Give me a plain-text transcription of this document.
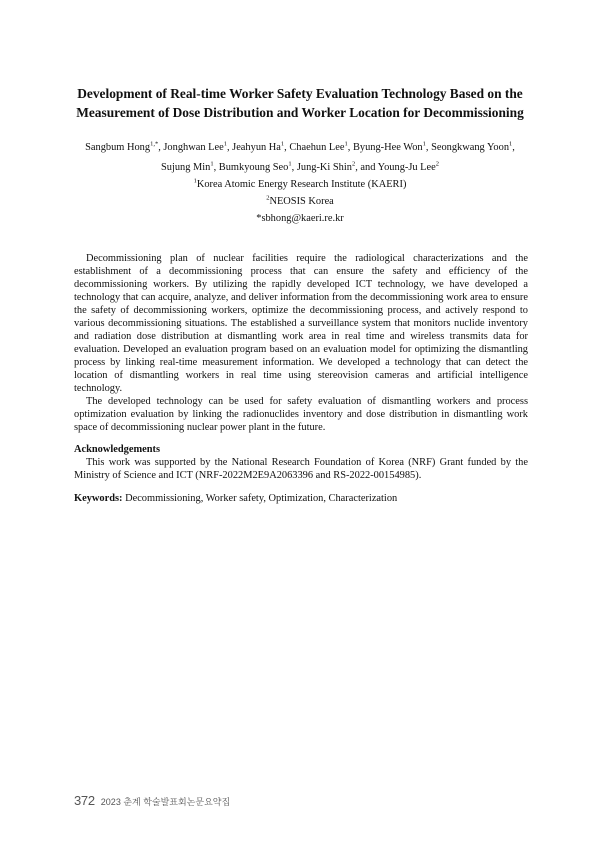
Development of Real-time Worker Safety Evaluation Technology Based on the
Measurement of Dose Distribution and Worker Location for Decommissioning
Sangbum Hong$^{1,*}$, Jonghwan Lee$^1$, Jeahyun Ha$^1$, Chaehun Lee$^1$, Byung-Hee Won$^1$, Seongkwang Yoon$^1$,
Sujung Min$^1$, Bumkyoung Seo$^1$, Jung-Ki Shin$^2$, and Young-Ju Lee$^2$
$^1$Korea Atomic Energy Research Institute (KAERI)
$^2$NEOSIS Korea
*sbhong@kaeri.re.kr

Decommissioning plan of nuclear facilities require the radiological characterizations and the establishment of a decommissioning process that can ensure the safety and efficiency of the decommissioning workers. By utilizing the rapidly developed ICT technology, we have developed a technology that can acquire, analyze, and deliver information from the decommissioning work area to ensure the safety of decommissioning workers, optimize the decommissioning process, and actively respond to various decommissioning situations. The established a surveillance system that monitors nuclide inventory and radiation dose distribution at dismantling work area in real time and wireless transmits data for evaluation. Developed an evaluation program based on an evaluation model for optimizing the dismantling process by linking real-time measurement information. We developed a technology that can detect the location of dismantling workers in real time using stereovision cameras and artificial intelligence technology.

The developed technology can be used for safety evaluation of dismantling workers and process optimization evaluation by linking the radionuclides inventory and dose distribution in dismantling work space of decommissioning nuclear power plant in the future.

Acknowledgements

This work was supported by the National Research Foundation of Korea (NRF) Grant funded by the Ministry of Science and ICT (NRF-2022M2E9A2063396 and RS-2022-00154985).

Keywords: Decommissioning, Worker safety, Optimization, Characterization
372 2023 춘계 학술발표회논문요약집
